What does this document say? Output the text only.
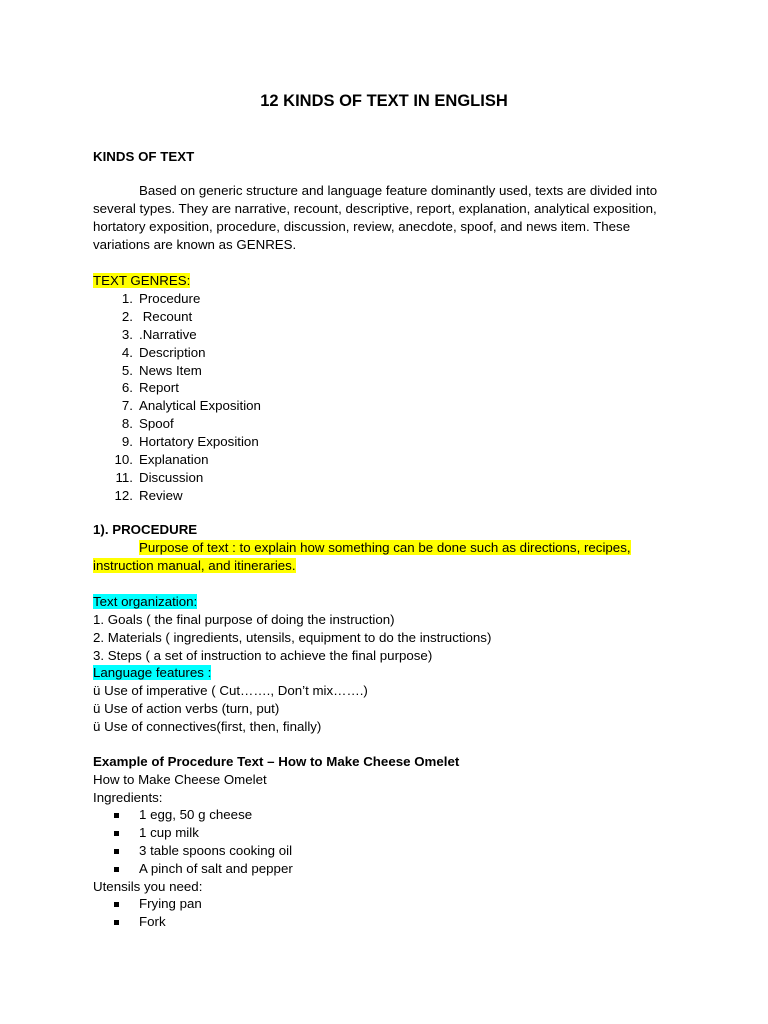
12 KINDS OF TEXT IN ENGLISH
KINDS OF TEXT

Based on generic structure and language feature dominantly used, texts are divided into several types. They are narrative, recount, descriptive, report, explanation, analytical exposition, hortatory exposition, procedure, discussion, review, anecdote, spoof, and news item. These variations are known as GENRES.

TEXT GENRES:
1. Procedure
2. Recount
3. .Narrative
4. Description
5. News Item
6. Report
7. Analytical Exposition
8. Spoof
9. Hortatory Exposition
10. Explanation
11. Discussion
12. Review
1). PROCEDURE

Purpose of text : to explain how something can be done such as directions, recipes, instruction manual, and itineraries.

Text organization:
1. Goals ( the final purpose of doing the instruction)
2. Materials ( ingredients, utensils, equipment to do the instructions)
3. Steps ( a set of instruction to achieve the final purpose)
Language features :
ü Use of imperative ( Cut……., Don’t mix…….)
ü Use of action verbs (turn, put)
ü Use of connectives(first, then, finally)
Example of Procedure Text – How to Make Cheese Omelet
How to Make Cheese Omelet
Ingredients:
1 egg, 50 g cheese
1 cup milk
3 table spoons cooking oil
A pinch of salt and pepper
Utensils you need:
Frying pan
Fork
